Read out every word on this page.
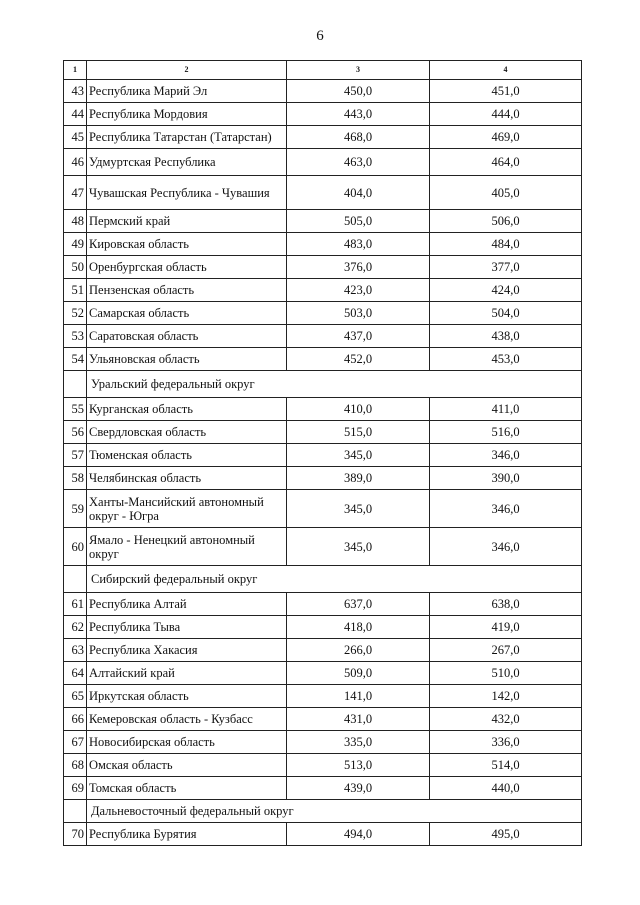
6
1	2	3	4
43	Республика Марий Эл	450,0	451,0
44	Республика Мордовия	443,0	444,0
45	Республика Татарстан (Татарстан)	468,0	469,0
46	Удмуртская Республика	463,0	464,0
47	Чувашская Республика - Чувашия	404,0	405,0
48	Пермский край	505,0	506,0
49	Кировская область	483,0	484,0
50	Оренбургская область	376,0	377,0
51	Пензенская область	423,0	424,0
52	Самарская область	503,0	504,0
53	Саратовская область	437,0	438,0
54	Ульяновская область	452,0	453,0
	Уральский федеральный округ		
55	Курганская область	410,0	411,0
56	Свердловская область	515,0	516,0
57	Тюменская область	345,0	346,0
58	Челябинская область	389,0	390,0
59	Ханты-Мансийский автономный округ - Югра	345,0	346,0
60	Ямало - Ненецкий автономный округ	345,0	346,0
	Сибирский федеральный округ		
61	Республика Алтай	637,0	638,0
62	Республика Тыва	418,0	419,0
63	Республика Хакасия	266,0	267,0
64	Алтайский край	509,0	510,0
65	Иркутская область	141,0	142,0
66	Кемеровская область - Кузбасс	431,0	432,0
67	Новосибирская область	335,0	336,0
68	Омская область	513,0	514,0
69	Томская область	439,0	440,0
	Дальневосточный федеральный округ		
70	Республика Бурятия	494,0	495,0
